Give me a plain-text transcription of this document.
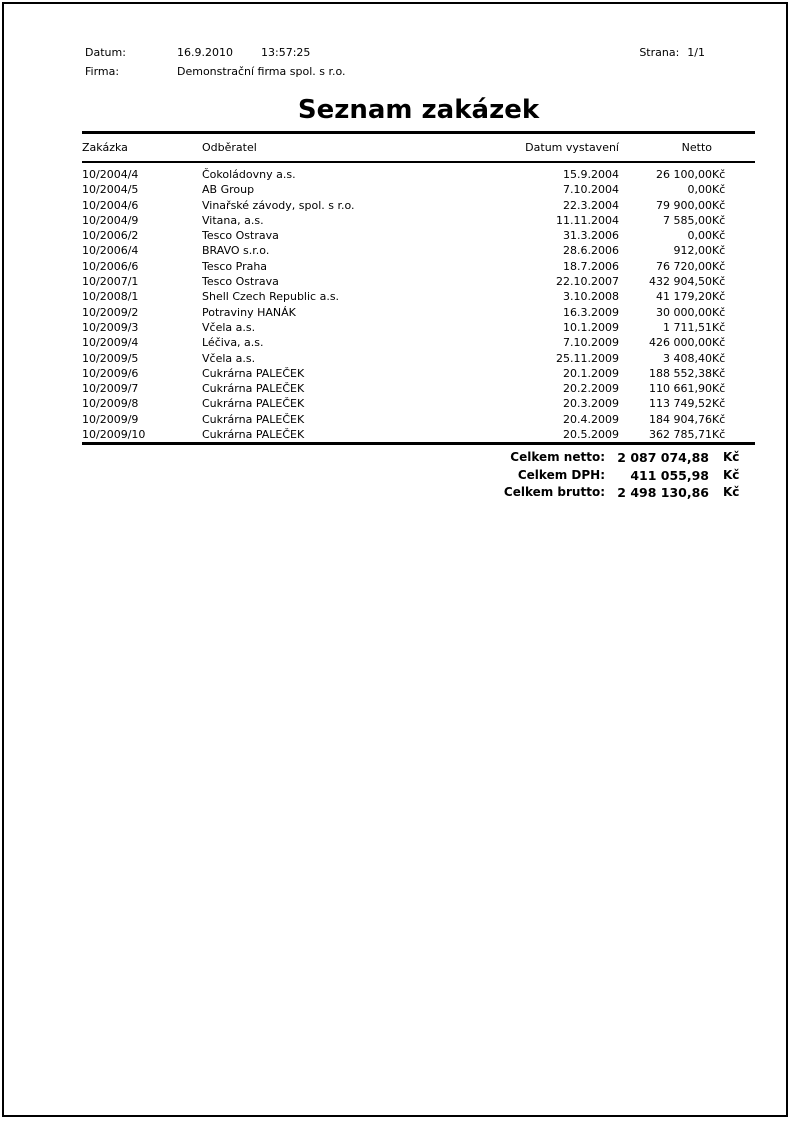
Datum:	16.9.2010	13:57:25
Firma:	Demonstrační firma spol. s r.o.
Strana: 1/1
Seznam zakázek
Zakázka	Odběratel	Datum vystavení	Netto	
10/2004/4	Čokoládovny a.s.	15.9.2004	26 100,00	Kč
10/2004/5	AB Group	7.10.2004	0,00	Kč
10/2004/6	Vinařské závody, spol. s r.o.	22.3.2004	79 900,00	Kč
10/2004/9	Vitana, a.s.	11.11.2004	7 585,00	Kč
10/2006/2	Tesco Ostrava	31.3.2006	0,00	Kč
10/2006/4	BRAVO s.r.o.	28.6.2006	912,00	Kč
10/2006/6	Tesco Praha	18.7.2006	76 720,00	Kč
10/2007/1	Tesco Ostrava	22.10.2007	432 904,50	Kč
10/2008/1	Shell Czech Republic a.s.	3.10.2008	41 179,20	Kč
10/2009/2	Potraviny HANÁK	16.3.2009	30 000,00	Kč
10/2009/3	Včela a.s.	10.1.2009	1 711,51	Kč
10/2009/4	Léčiva, a.s.	7.10.2009	426 000,00	Kč
10/2009/5	Včela a.s.	25.11.2009	3 408,40	Kč
10/2009/6	Cukrárna PALEČEK	20.1.2009	188 552,38	Kč
10/2009/7	Cukrárna PALEČEK	20.2.2009	110 661,90	Kč
10/2009/8	Cukrárna PALEČEK	20.3.2009	113 749,52	Kč
10/2009/9	Cukrárna PALEČEK	20.4.2009	184 904,76	Kč
10/2009/10	Cukrárna PALEČEK	20.5.2009	362 785,71	Kč
Celkem netto: 2 087 074,88 Kč
Celkem DPH: 411 055,98 Kč
Celkem brutto: 2 498 130,86 Kč
